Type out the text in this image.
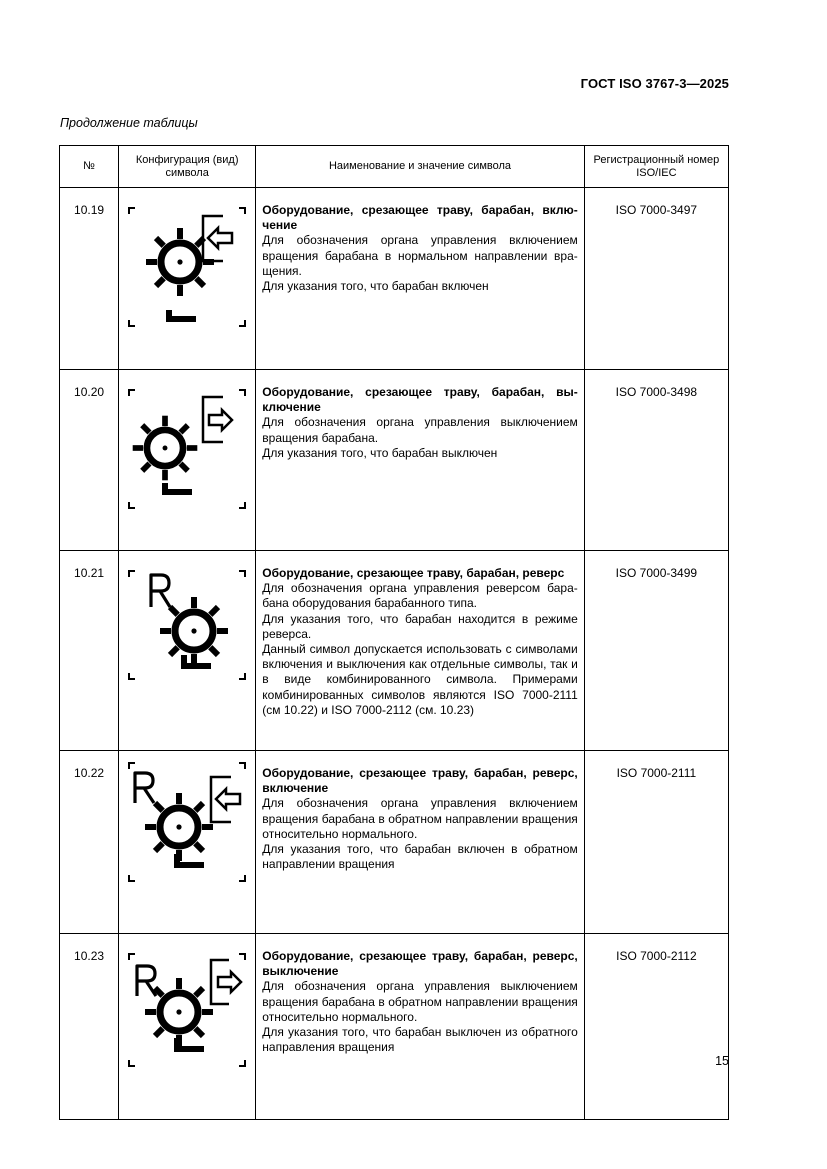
ГОСТ ISO 3767-3—2025
Продолжение таблицы
№	Конфигурация (вид) символа	Наименование и значение символа	Регистрационный номер ISO/IEC
10.19		Оборудование, срезающее траву, барабан, включение
Для обозначения органа управления включением вращения барабана в нормальном направлении вращения.
Для указания того, что барабан включен	ISO 7000-3497
10.20		Оборудование, срезающее траву, барабан, выключение
Для обозначения органа управления выключением вращения барабана.
Для указания того, что барабан выключен	ISO 7000-3498
10.21		Оборудование, срезающее траву, барабан, реверс
Для обозначения органа управления реверсом барабана оборудования барабанного типа.
Для указания того, что барабан находится в режиме реверса.
Данный символ допускается использовать с символами включения и выключения как отдельные символы, так и в виде комбинированного символа. Примерами комбинированных символов являются ISO 7000-2111 (см 10.22) и ISO 7000-2112 (см. 10.23)	ISO 7000-3499
10.22		Оборудование, срезающее траву, барабан, реверс, включение
Для обозначения органа управления включением вращения барабана в обратном направлении вращения относительно нормального.
Для указания того, что барабан включен в обратном направлении вращения	ISO 7000-2111
10.23		Оборудование, срезающее траву, барабан, реверс, выключение
Для обозначения органа управления выключением вращения барабана в обратном направлении вращения относительно нормального.
Для указания того, что барабан выключен из обратного направления вращения	ISO 7000-2112
15
